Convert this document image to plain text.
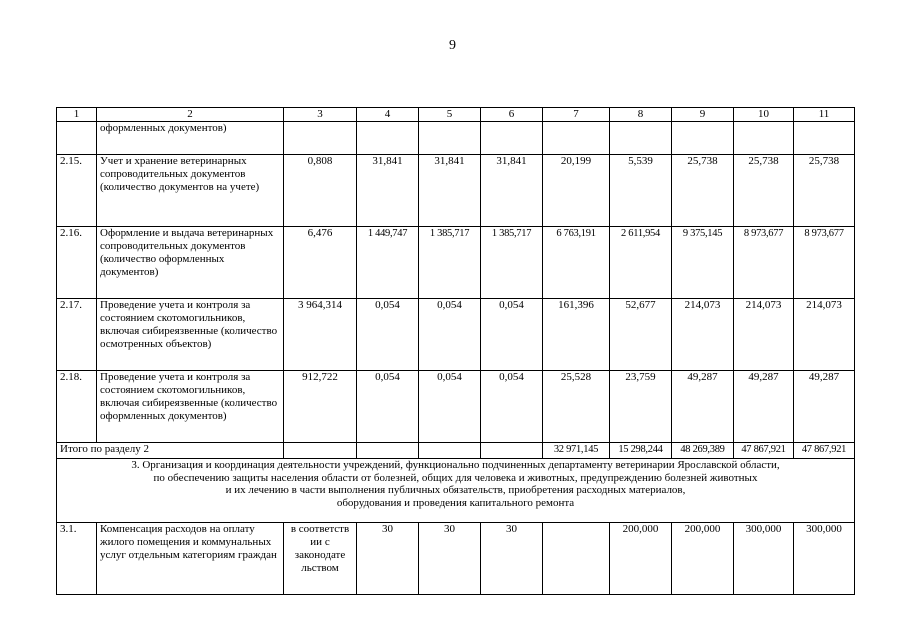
9
1	2	3	4	5	6	7	8	9	10	11
	оформленных документов)									
2.15.	Учет и хранение ветеринарных сопроводительных документов (количество документов на учете)	0,808	31,841	31,841	31,841	20,199	5,539	25,738	25,738	25,738
2.16.	Оформление и выдача ветеринарных сопроводительных документов (количество оформленных документов)	6,476	1 449,747	1 385,717	1 385,717	6 763,191	2 611,954	9 375,145	8 973,677	8 973,677
2.17.	Проведение учета и контроля за состоянием скотомогильников, включая сибиреязвенные (количество осмотренных объектов)	3 964,314	0,054	0,054	0,054	161,396	52,677	214,073	214,073	214,073
2.18.	Проведение учета и контроля за состоянием скотомогильников, включая сибиреязвенные (количество оформленных документов)	912,722	0,054	0,054	0,054	25,528	23,759	49,287	49,287	49,287
Итого по разделу 2						32 971,145	15 298,244	48 269,389	47 867,921	47 867,921

3. Организация и координация деятельности учреждений, функционально подчиненных департаменту ветеринарии Ярославской области,
по обеспечению защиты населения области от болезней, общих для человека и животных, предупреждению болезней животных
и их лечению в части выполнения публичных обязательств, приобретения расходных материалов,
оборудования и проведения капитального ремонта										

3.1.	Компенсация расходов на оплату жилого помещения и коммунальных услуг отдельным категориям граждан	в соответств ии с законодате льством	30	30	30		200,000	200,000	300,000	300,000
